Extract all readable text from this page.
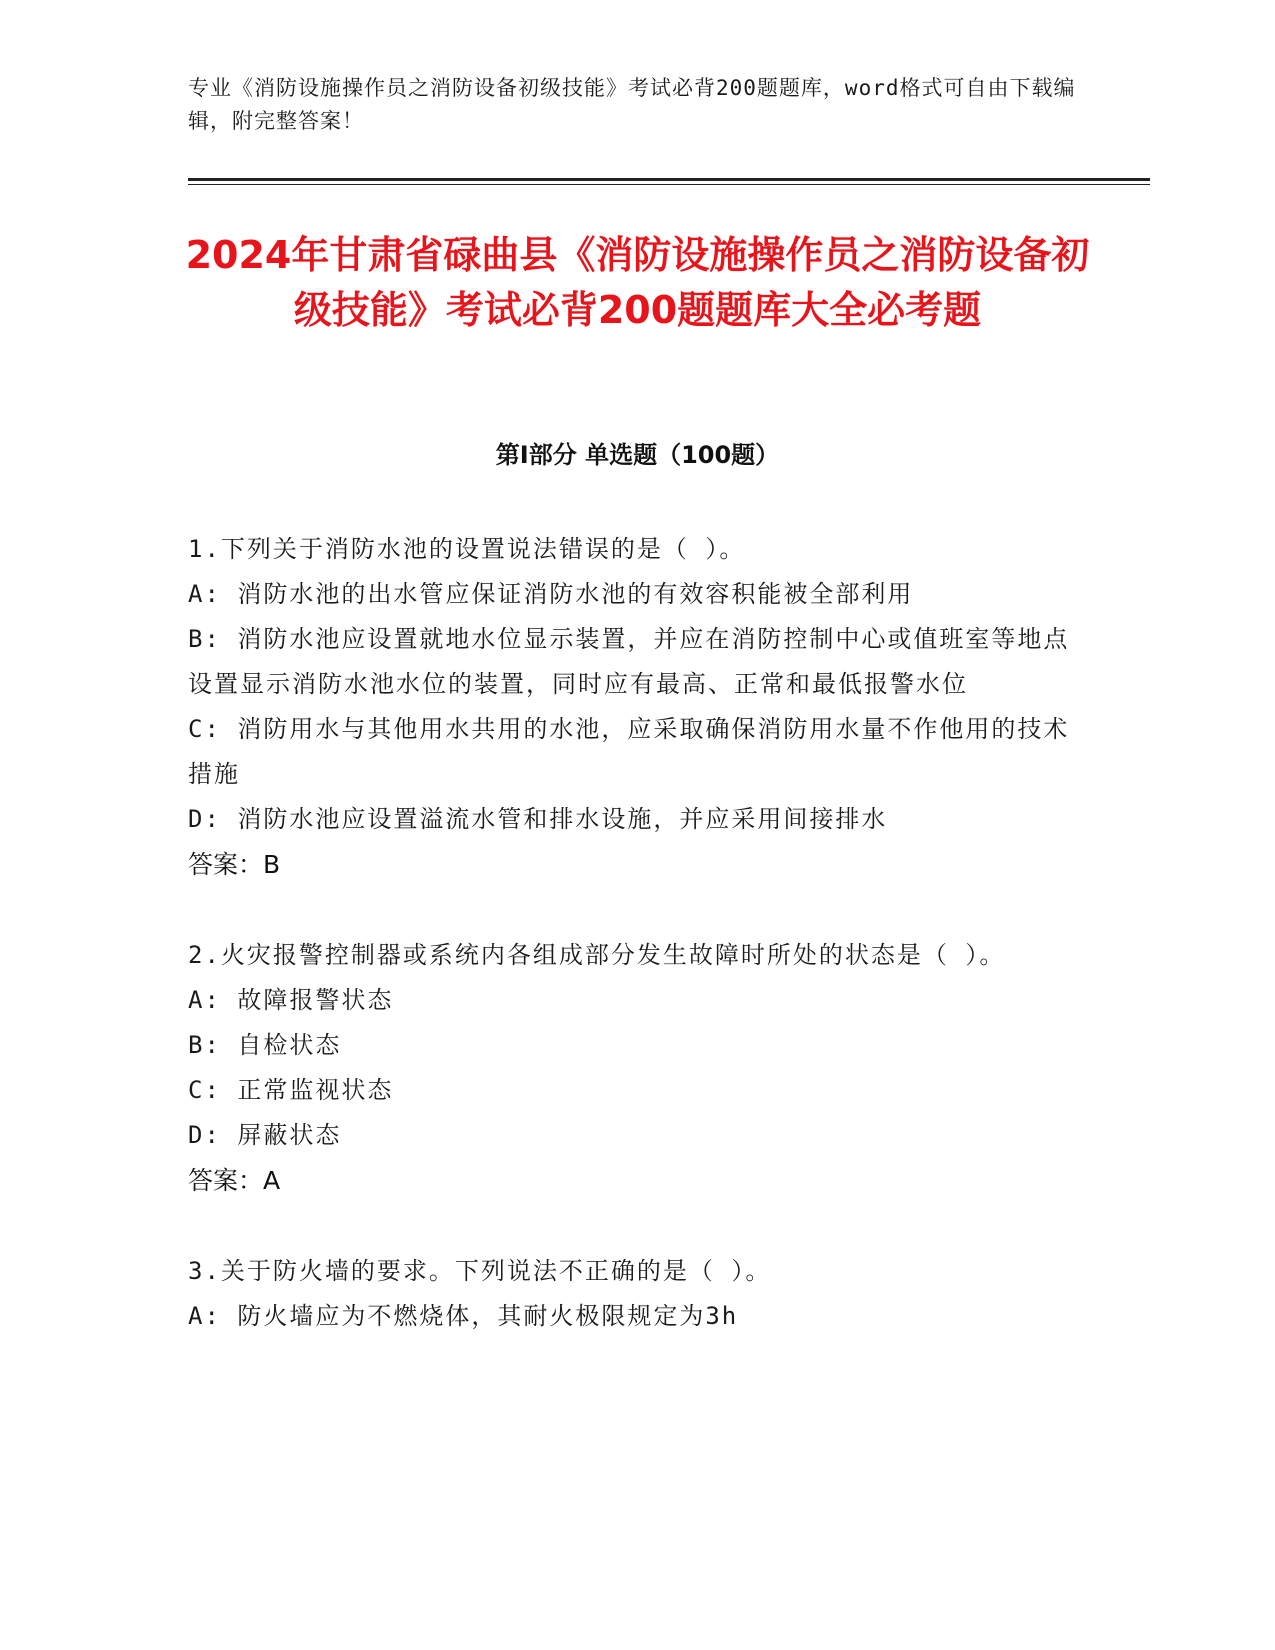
专业《消防设施操作员之消防设备初级技能》考试必背200题题库，word格式可自由下载编辑，附完整答案！
2024年甘肃省碌曲县《消防设施操作员之消防设备初级技能》考试必背200题题库大全必考题
第Ⅰ部分 单选题（100题）
1.下列关于消防水池的设置说法错误的是（ ）。
A: 消防水池的出水管应保证消防水池的有效容积能被全部利用
B: 消防水池应设置就地水位显示装置，并应在消防控制中心或值班室等地点设置显示消防水池水位的装置，同时应有最高、正常和最低报警水位
C: 消防用水与其他用水共用的水池，应采取确保消防用水量不作他用的技术措施
D: 消防水池应设置溢流水管和排水设施，并应采用间接排水
答案：B
2.火灾报警控制器或系统内各组成部分发生故障时所处的状态是（ ）。
A: 故障报警状态
B: 自检状态
C: 正常监视状态
D: 屏蔽状态
答案：A
3.关于防火墙的要求。下列说法不正确的是（ ）。
A: 防火墙应为不燃烧体，其耐火极限规定为3h
